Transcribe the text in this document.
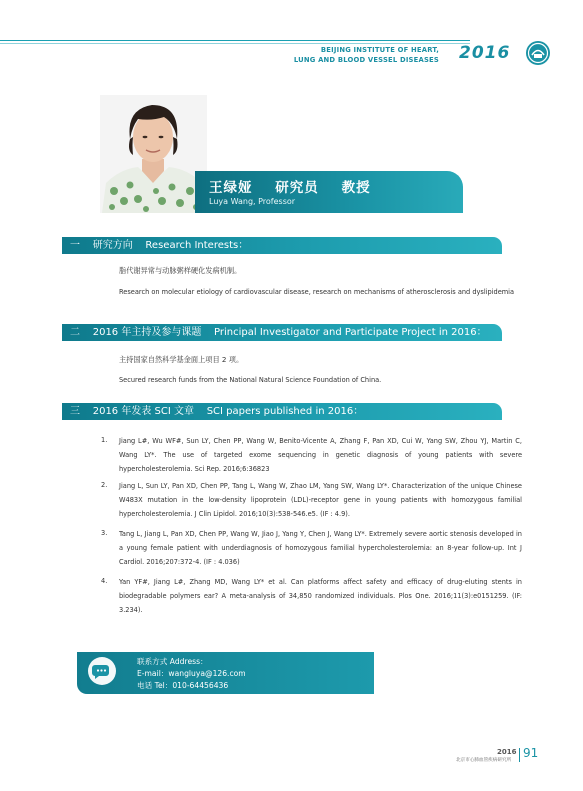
BEIJING INSTITUTE OF HEART,
LUNG AND BLOOD VESSEL DISEASES 2016
王绿娅    研究员    教授
Luya Wang, Professor
一    研究方向    Research Interests：
脂代谢异常与动脉粥样硬化发病机制。
Research on molecular etiology of cardiovascular disease, research on mechanisms of atherosclerosis and dyslipidemia
二    2016 年主持及参与课题    Principal Investigator and Participate Project in 2016：
主持国家自然科学基金面上项目 2 项。
Secured research funds from the National Natural Science Foundation of China.
三    2016 年发表 SCI 文章    SCI papers published in 2016：
1. Jiang L#, Wu WF#, Sun LY, Chen PP, Wang W, Benito-Vicente A, Zhang F, Pan XD, Cui W, Yang SW, Zhou YJ, Martin C, Wang LY*. The use of targeted exome sequencing in genetic diagnosis of young patients with severe hypercholesterolemia. Sci Rep. 2016;6:36823
2. Jiang L, Sun LY, Pan XD, Chen PP, Tang L, Wang W, Zhao LM, Yang SW, Wang LY*. Characterization of the unique Chinese W483X mutation in the low-density lipoprotein (LDL)-receptor gene in young patients with homozygous familial hypercholesterolemia. J Clin Lipidol. 2016;10(3):538-546.e5. (IF : 4.9).
3. Tang L, Jiang L, Pan XD, Chen PP, Wang W, Jiao J, Yang Y, Chen J, Wang LY*. Extremely severe aortic stenosis developed in a young female patient with underdiagnosis of homozygous familial hypercholesterolemia: an 8-year follow-up. Int J Cardiol. 2016;207:372-4. (IF : 4.036)
4. Yan YF#, Jiang L#, Zhang MD, Wang LY* et al. Can platforms affect safety and efficacy of drug-eluting stents in biodegradable polymers ear? A meta-analysis of 34,850 randomized individuals. Plos One. 2016;11(3):e0151259. (IF: 3.234).
联系方式 Address：
E-mail：wangluya@126.com
电话 Tel：010-64456436
2016
北京市心肺血管疾病研究所
91
